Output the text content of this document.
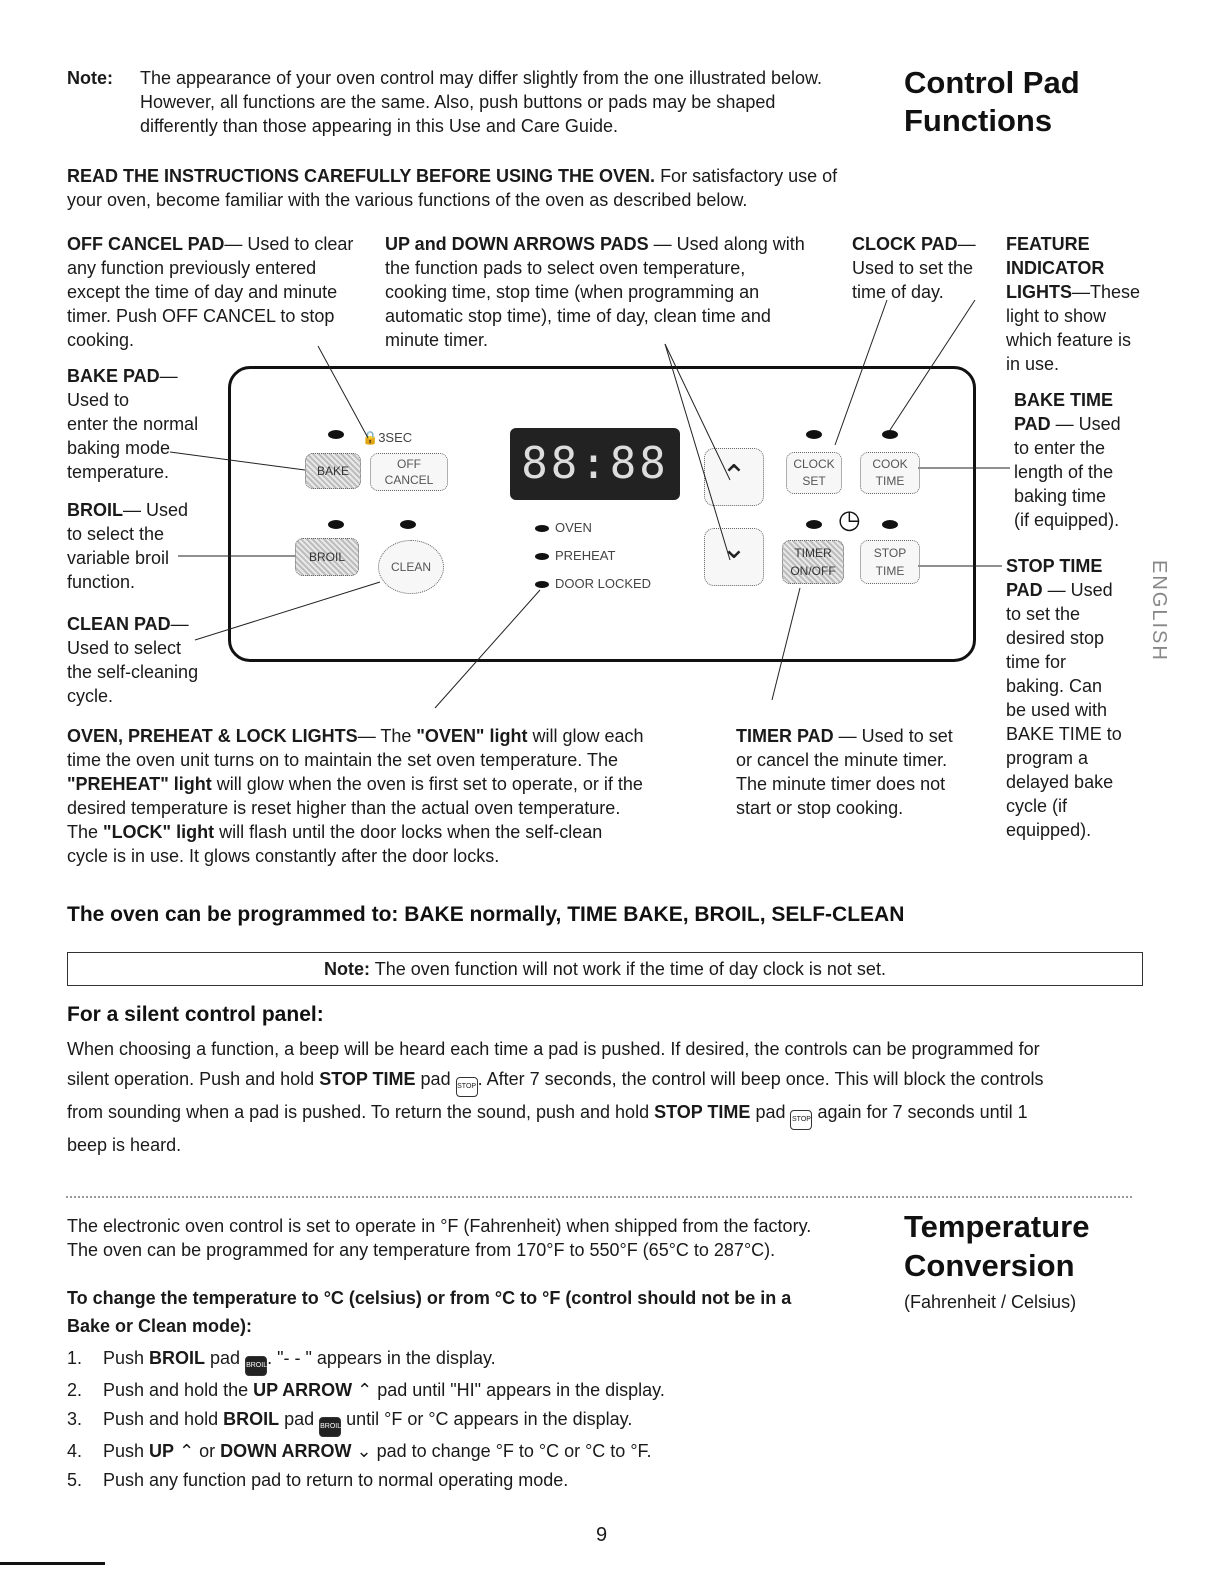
Note: The appearance of your oven control may differ slightly from the one illustrated below.
However, all functions are the same. Also, push buttons or pads may be shaped
differently than those appearing in this Use and Care Guide.
Control Pad
Functions
READ THE INSTRUCTIONS CAREFULLY BEFORE USING THE OVEN. For satisfactory use of
your oven, become familiar with the various functions of the oven as described below.
OFF CANCEL PAD— Used to clear
any function previously entered
except the time of day and minute
timer. Push OFF CANCEL to stop
cooking.
UP and DOWN ARROWS PADS — Used along with
the function pads to select oven temperature,
cooking time, stop time (when programming an
automatic stop time), time of day, clean time and
minute timer.
CLOCK PAD—
Used to set the
time of day.
FEATURE
INDICATOR
LIGHTS—These
light to show
which feature is
in use.
BAKE PAD—
Used to
enter the normal
baking mode
temperature.
BROIL— Used
to select the
variable broil
function.
CLEAN PAD—
Used to select
the self-cleaning
cycle.
BAKE TIME
PAD — Used
to enter the
length of the
baking time
(if equipped).
STOP TIME
PAD — Used
to set the
desired stop
time for
baking. Can
be used with
BAKE TIME to
program a
delayed bake
cycle (if
equipped).
ENGLISH
🔒3SEC
BAKE	OFF
CANCEL
BROIL
CLEAN
88:88
OVEN
PREHEAT
DOOR LOCKED
⌃
⌄
CLOCK
SET
COOK
TIME
◷
TIMER
ON/OFF
STOP
TIME
OVEN, PREHEAT & LOCK LIGHTS— The "OVEN" light will glow each
time the oven unit turns on to maintain the set oven temperature. The
"PREHEAT" light will glow when the oven is first set to operate, or if the
desired temperature is reset higher than the actual oven temperature.
The "LOCK" light will flash until the door locks when the self-clean
cycle is in use. It glows constantly after the door locks.
TIMER PAD — Used to set
or cancel the minute timer.
The minute timer does not
start or stop cooking.
The oven can be programmed to: BAKE normally, TIME BAKE, BROIL, SELF-CLEAN
Note: The oven function will not work if the time of day clock is not set.
For a silent control panel:
When choosing a function, a beep will be heard each time a pad is pushed. If desired, the controls can be programmed for
silent operation. Push and hold STOP TIME pad STOP. After 7 seconds, the control will beep once. This will block the controls
from sounding when a pad is pushed. To return the sound, push and hold STOP TIME pad STOP again for 7 seconds until 1
beep is heard.
The electronic oven control is set to operate in °F (Fahrenheit) when shipped from the factory.
The oven can be programmed for any temperature from 170°F to 550°F (65°C to 287°C).
Temperature
Conversion
(Fahrenheit / Celsius)
To change the temperature to °C (celsius) or from °C to °F (control should not be in a
Bake or Clean mode):
1. Push BROIL pad BROIL. "- - " appears in the display.
2. Push and hold the UP ARROW ⌃ pad until "HI" appears in the display.
3. Push and hold BROIL pad BROIL until °F or °C appears in the display.
4. Push UP ⌃ or DOWN ARROW ⌄ pad to change °F to °C or °C to °F.
5. Push any function pad to return to normal operating mode.
9
